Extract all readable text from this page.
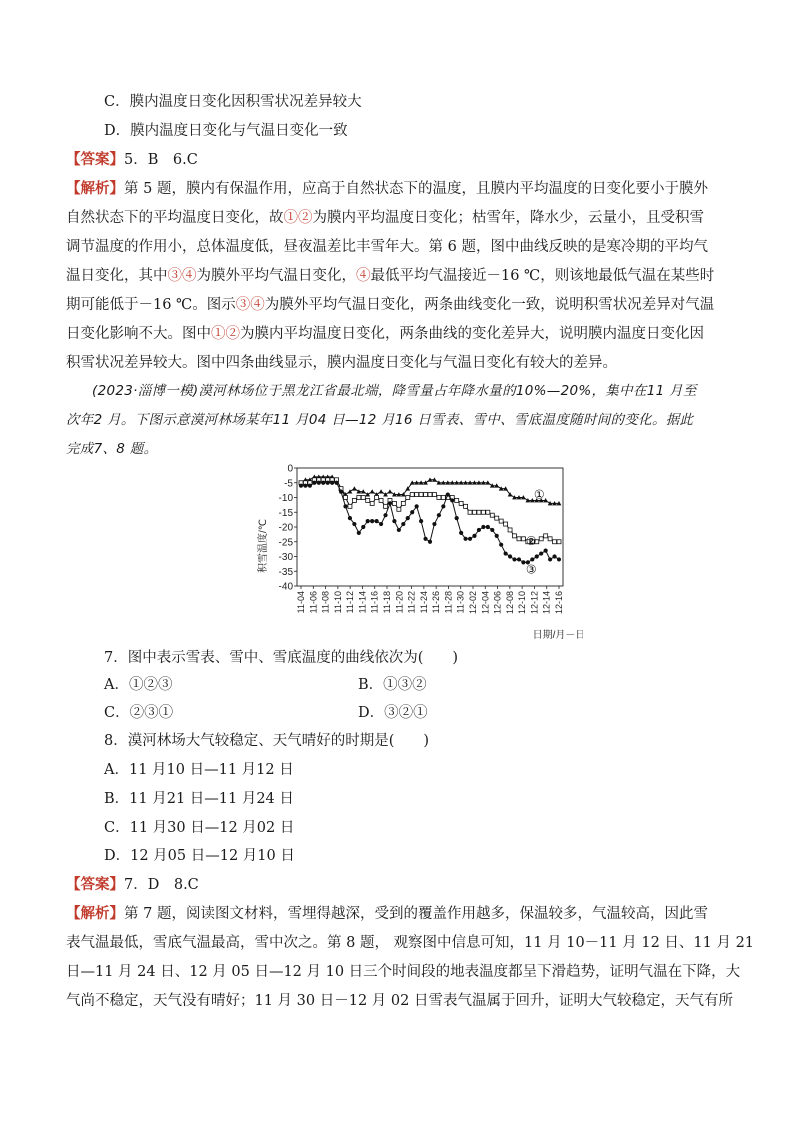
C．膜内温度日变化因积雪状况差异较大
D．膜内温度日变化与气温日变化一致
【答案】5．B　6.C
【解析】第 5 题，膜内有保温作用，应高于自然状态下的温度，且膜内平均温度的日变化要小于膜外
自然状态下的平均温度日变化，故①②为膜内平均温度日变化；枯雪年，降水少，云量小，且受积雪
调节温度的作用小，总体温度低，昼夜温差比丰雪年大。第 6 题，图中曲线反映的是寒冷期的平均气
温日变化，其中③④为膜外平均气温日变化，④最低平均气温接近－16 ℃，则该地最低气温在某些时
期可能低于－16 ℃。图示③④为膜外平均气温日变化，两条曲线变化一致，说明积雪状况差异对气温
日变化影响不大。图中①②为膜内平均温度日变化，两条曲线的变化差异大，说明膜内温度日变化因
积雪状况差异较大。图中四条曲线显示，膜内温度日变化与气温日变化有较大的差异。
(2023·淄博一模)漠河林场位于黑龙江省最北端，降雪量占年降水量的10%—20%，集中在11 月至
次年2 月。下图示意漠河林场某年11 月04 日—12 月16 日雪表、雪中、雪底温度随时间的变化。据此
完成7、8 题。
0
-5
-10
-15
-20
-25
-30
-35
-40
11-04 11-06 11-08 11-10 11-12 11-14 11-16 11-18 11-20 11-22 11-24 11-26 11-28 11-30 12-02 12-04 12-06 12-08 12-10 12-12 12-14 12-16
①
②
③
积雪温度/℃
日期/月－日
7．图中表示雪表、雪中、雪底温度的曲线依次为(　　)
A．①②③	B．①③②
C．②③①	D．③②①
8．漠河林场大气较稳定、天气晴好的时期是(　　)
A．11 月10 日—11 月12 日
B．11 月21 日—11 月24 日
C．11 月30 日—12 月02 日
D．12 月05 日—12 月10 日
【答案】7．D　8.C
【解析】第 7 题，阅读图文材料，雪埋得越深，受到的覆盖作用越多，保温较多，气温较高，因此雪
表气温最低，雪底气温最高，雪中次之。第 8 题， 观察图中信息可知，11 月 10－11 月 12 日、11 月 21
日—11 月 24 日、12 月 05 日—12 月 10 日三个时间段的地表温度都呈下滑趋势，证明气温在下降，大
气尚不稳定，天气没有晴好；11 月 30 日－12 月 02 日雪表气温属于回升，证明大气较稳定，天气有所
